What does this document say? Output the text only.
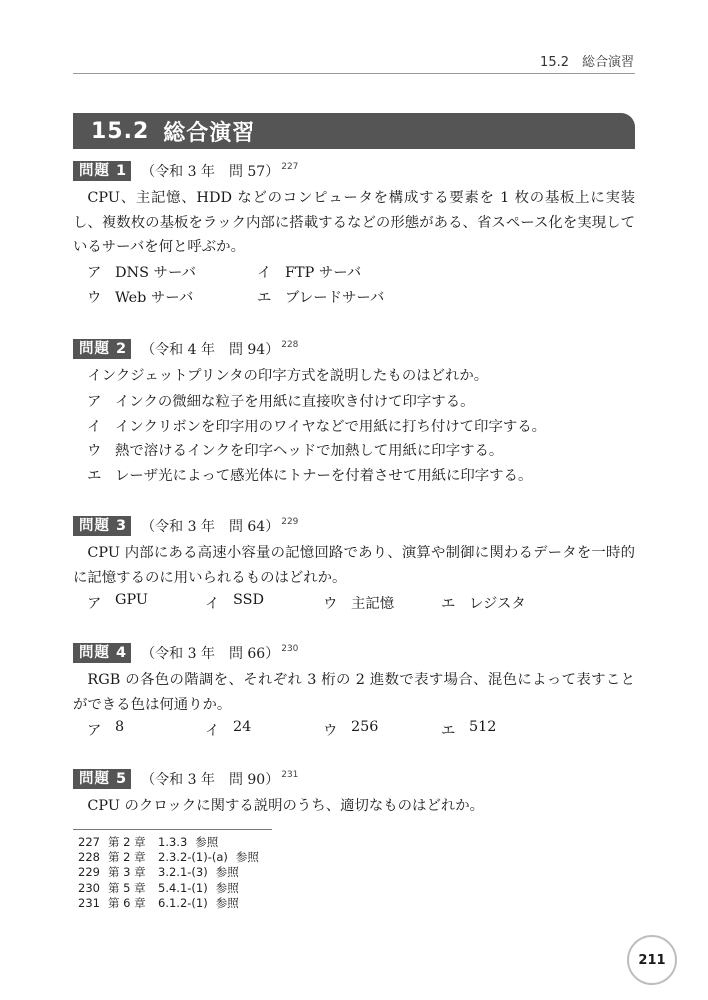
15.2　総合演習
15.2 総合演習
問題 1 （令和 3 年　問 57） $^{227}$

CPU、主記憶、HDD などのコンピュータを構成する要素を 1 枚の基板上に実装し、複数枚の基板をラック内部に搭載するなどの形態がある、省スペース化を実現しているサーバを何と呼ぶか。

ア DNS サーバ	イ FTP サーバ
ウ Web サーバ	エ ブレードサーバ
問題 2 （令和 4 年　問 94） $^{228}$

インクジェットプリンタの印字方式を説明したものはどれか。

ア インクの微細な粒子を用紙に直接吹き付けて印字する。
イ インクリボンを印字用のワイヤなどで用紙に打ち付けて印字する。
ウ 熱で溶けるインクを印字ヘッドで加熱して用紙に印字する。
エ レーザ光によって感光体にトナーを付着させて用紙に印字する。
問題 3 （令和 3 年　問 64） $^{229}$

CPU 内部にある高速小容量の記憶回路であり、演算や制御に関わるデータを一時的に記憶するのに用いられるものはどれか。

ア GPU	イ SSD	ウ 主記憶	エ レジスタ
問題 4 （令和 3 年　問 66） $^{230}$

RGB の各色の階調を、それぞれ 3 桁の 2 進数で表す場合、混色によって表すことができる色は何通りか。

ア 8	イ 24	ウ 256	エ 512
問題 5 （令和 3 年　問 90） $^{231}$

CPU のクロックに関する説明のうち、適切なものはどれか。

227 第 2 章 1.3.3 参照
228 第 2 章 2.3.2-(1)-(a) 参照
229 第 3 章 3.2.1-(3) 参照
230 第 5 章 5.4.1-(1) 参照
231 第 6 章 6.1.2-(1) 参照
211
